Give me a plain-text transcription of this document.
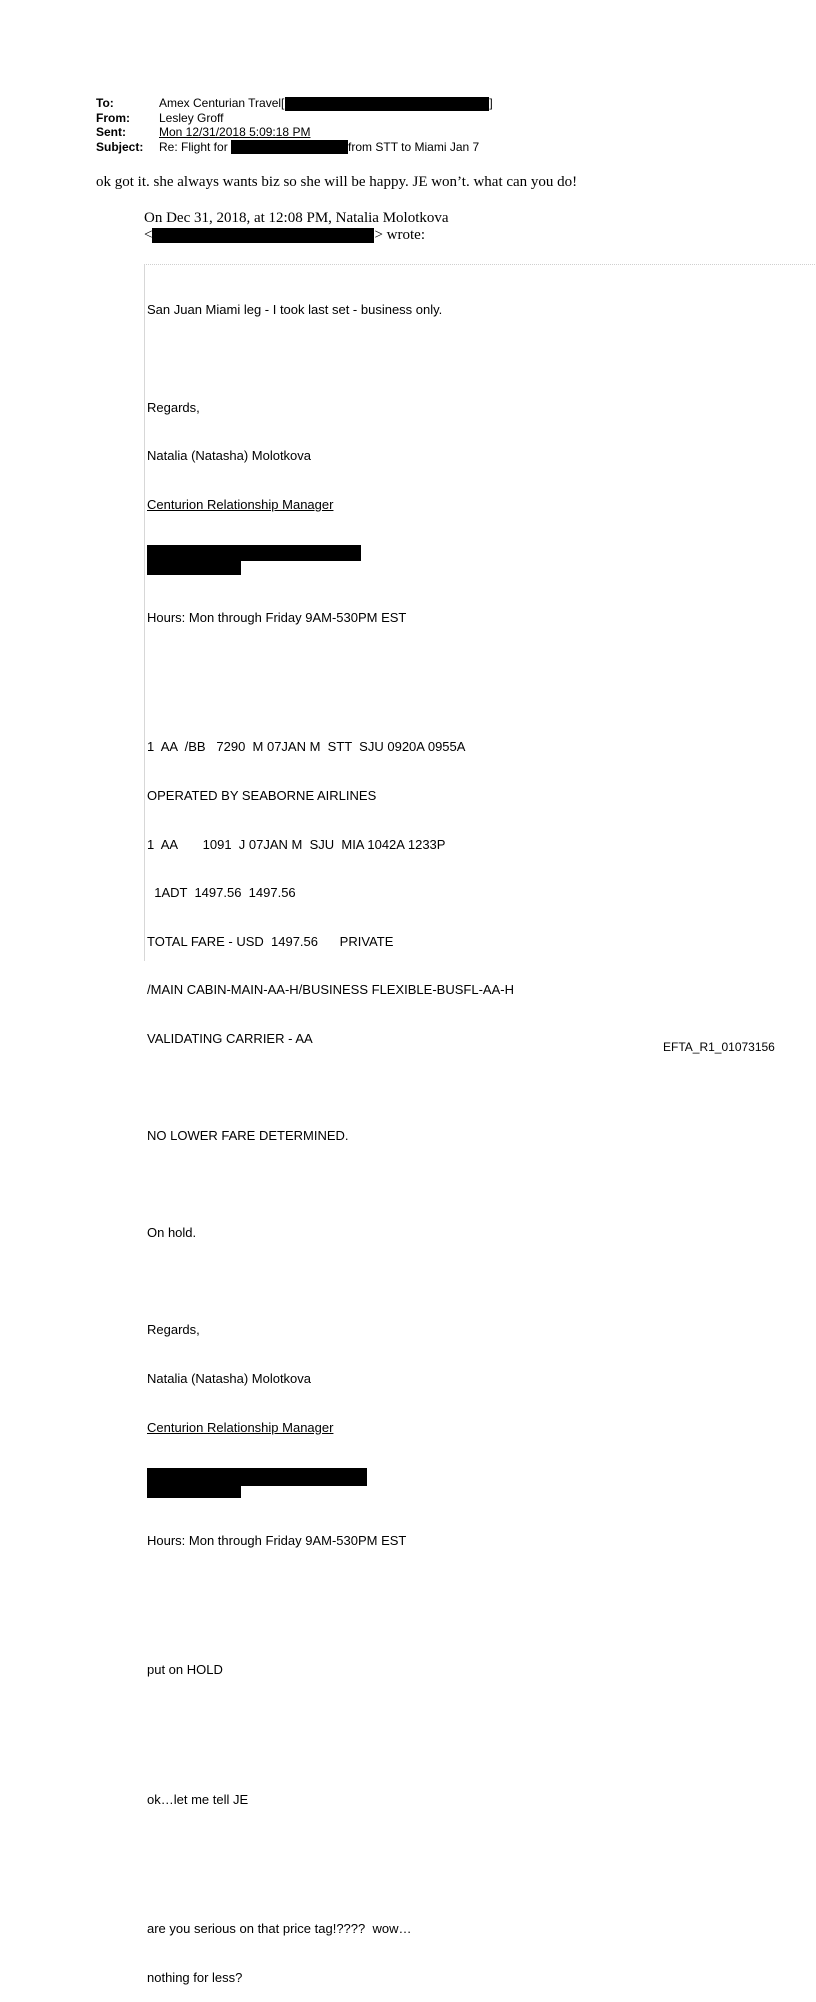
To:	Amex Centurian Travel[	]
From: Lesley Groff
Sent:	Mon 12/31/2018 5:09:18 PM
Subject: Re: Flight for	from STT to Miami Jan 7
ok got it. she always wants biz so she will be happy. JE won’t. what can you do!
On Dec 31, 2018, at 12:08 PM, Natalia Molotkova
<	> wrote:

San Juan Miami leg - I took last set - business only.

Regards,

Natalia (Natasha) Molotkova

Centurion Relationship Manager

Hours: Mon through Friday 9AM-530PM EST

1  AA  /BB   7290  M 07JAN M  STT  SJU 0920A 0955A

OPERATED BY SEABORNE AIRLINES

1  AA       1091  J 07JAN M  SJU  MIA 1042A 1233P

1ADT  1497.56  1497.56

TOTAL FARE - USD  1497.56      PRIVATE

/MAIN CABIN-MAIN-AA-H/BUSINESS FLEXIBLE-BUSFL-AA-H

VALIDATING CARRIER - AA

NO LOWER FARE DETERMINED.

On hold.

Regards,

Natalia (Natasha) Molotkova

Centurion Relationship Manager

Hours: Mon through Friday 9AM-530PM EST

put on HOLD

ok…let me tell JE

are you serious on that price tag!????  wow…

nothing for less?

EFTA_R1_01073156
